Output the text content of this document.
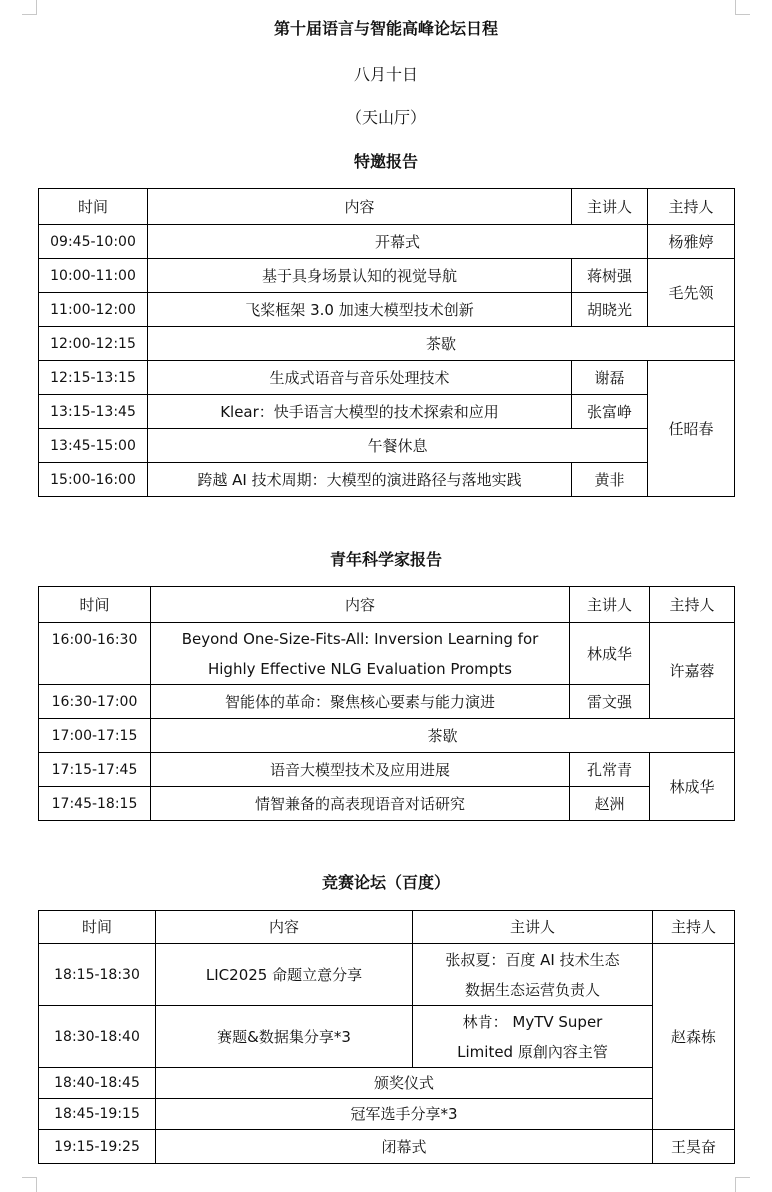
第十届语言与智能高峰论坛日程
八月十日
（天山厅）
特邀报告
时间	内容	主讲人	主持人
09:45-10:00	开幕式		杨雅婷
10:00-11:00	基于具身场景认知的视觉导航	蒋树强	毛先领
11:00-12:00	飞桨框架 3.0 加速大模型技术创新	胡晓光	
12:00-12:15	茶歇		
12:15-13:15	生成式语音与音乐处理技术	谢磊	任昭春
13:15-13:45	Klear：快手语言大模型的技术探索和应用	张富峥	
13:45-15:00	午餐休息		
15:00-16:00	跨越 AI 技术周期：大模型的演进路径与落地实践	黄非	
青年科学家报告
时间	内容	主讲人	主持人
16:00-16:30	Beyond One-Size-Fits-All: Inversion Learning for
Highly Effective NLG Evaluation Prompts	林成华	许嘉蓉
16:30-17:00	智能体的革命：聚焦核心要素与能力演进	雷文强	
17:00-17:15	茶歇		
17:15-17:45	语音大模型技术及应用进展	孔常青	林成华
17:45-18:15	情智兼备的高表现语音对话研究	赵洲	
竞赛论坛（百度）
时间	内容	主讲人	主持人
18:15-18:30	LIC2025 命题立意分享	张叔夏：百度 AI 技术生态
数据生态运营负责人	赵森栋
18:30-18:40	赛题&数据集分享*3	林肯： MyTV Super
Limited 原創內容主管	

18:40-18:45	颁奖仪式		
18:45-19:15	冠军选手分享*3		
19:15-19:25	闭幕式		王昊奋
